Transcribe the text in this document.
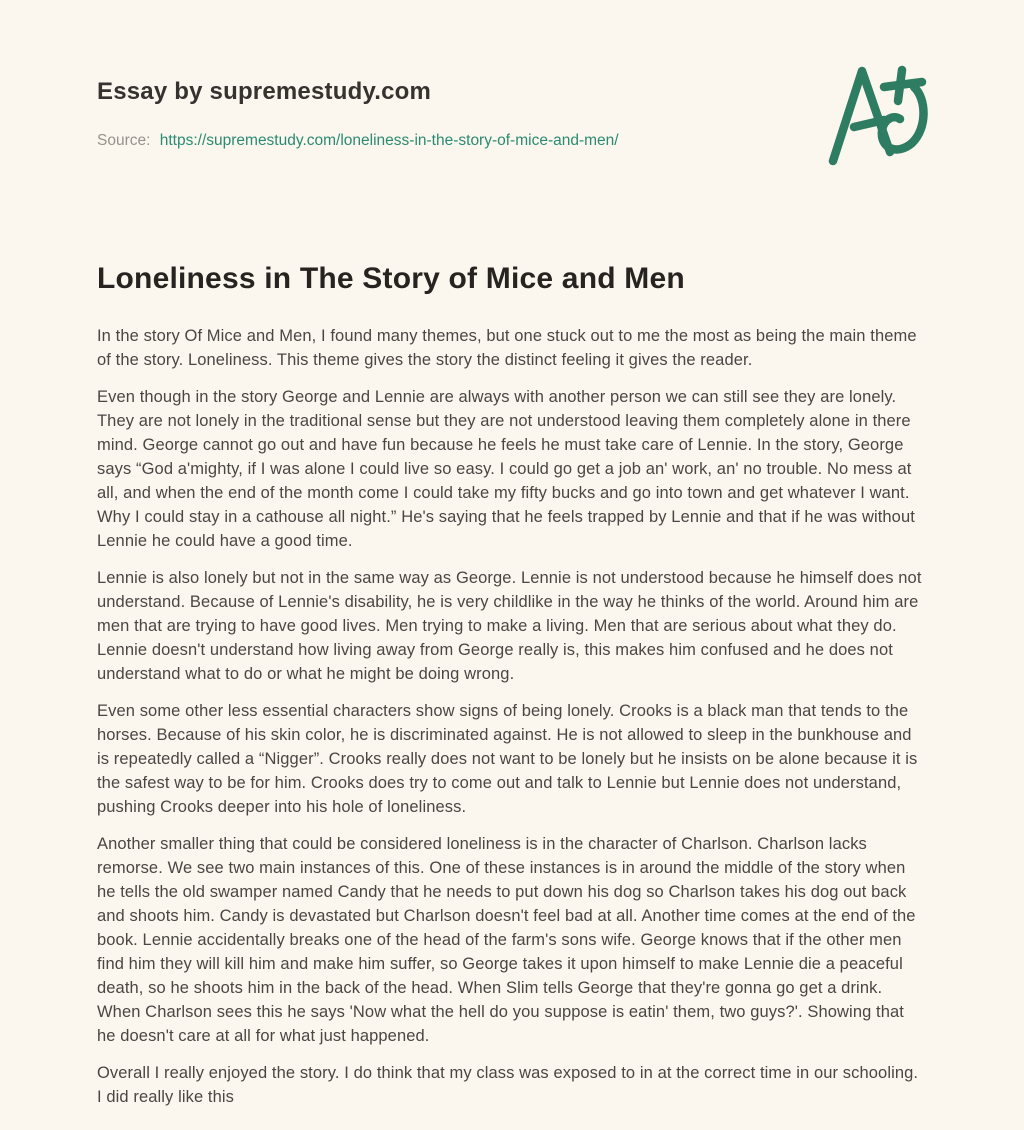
Essay by supremestudy.com
Source: https://supremestudy.com/loneliness-in-the-story-of-mice-and-men/
Loneliness in The Story of Mice and Men

In the story Of Mice and Men, I found many themes, but one stuck out to me the most as being the main theme of the story. Loneliness. This theme gives the story the distinct feeling it gives the reader.

Even though in the story George and Lennie are always with another person we can still see they are lonely. They are not lonely in the traditional sense but they are not understood leaving them completely alone in there mind. George cannot go out and have fun because he feels he must take care of Lennie. In the story, George says “God a'mighty, if I was alone I could live so easy. I could go get a job an' work, an' no trouble. No mess at all, and when the end of the month come I could take my fifty bucks and go into town and get whatever I want. Why I could stay in a cathouse all night.” He's saying that he feels trapped by Lennie and that if he was without Lennie he could have a good time.

Lennie is also lonely but not in the same way as George. Lennie is not understood because he himself does not understand. Because of Lennie's disability, he is very childlike in the way he thinks of the world. Around him are men that are trying to have good lives. Men trying to make a living. Men that are serious about what they do. Lennie doesn't understand how living away from George really is, this makes him confused and he does not understand what to do or what he might be doing wrong.

Even some other less essential characters show signs of being lonely. Crooks is a black man that tends to the horses. Because of his skin color, he is discriminated against. He is not allowed to sleep in the bunkhouse and is repeatedly called a “Nigger”. Crooks really does not want to be lonely but he insists on be alone because it is the safest way to be for him. Crooks does try to come out and talk to Lennie but Lennie does not understand, pushing Crooks deeper into his hole of loneliness.

Another smaller thing that could be considered loneliness is in the character of Charlson. Charlson lacks remorse. We see two main instances of this. One of these instances is in around the middle of the story when he tells the old swamper named Candy that he needs to put down his dog so Charlson takes his dog out back and shoots him. Candy is devastated but Charlson doesn't feel bad at all. Another time comes at the end of the book. Lennie accidentally breaks one of the head of the farm's sons wife. George knows that if the other men find him they will kill him and make him suffer, so George takes it upon himself to make Lennie die a peaceful death, so he shoots him in the back of the head. When Slim tells George that they're gonna go get a drink. When Charlson sees this he says 'Now what the hell do you suppose is eatin' them, two guys?'. Showing that he doesn't care at all for what just happened.

Overall I really enjoyed the story. I do think that my class was exposed to in at the correct time in our schooling. I did really like this
